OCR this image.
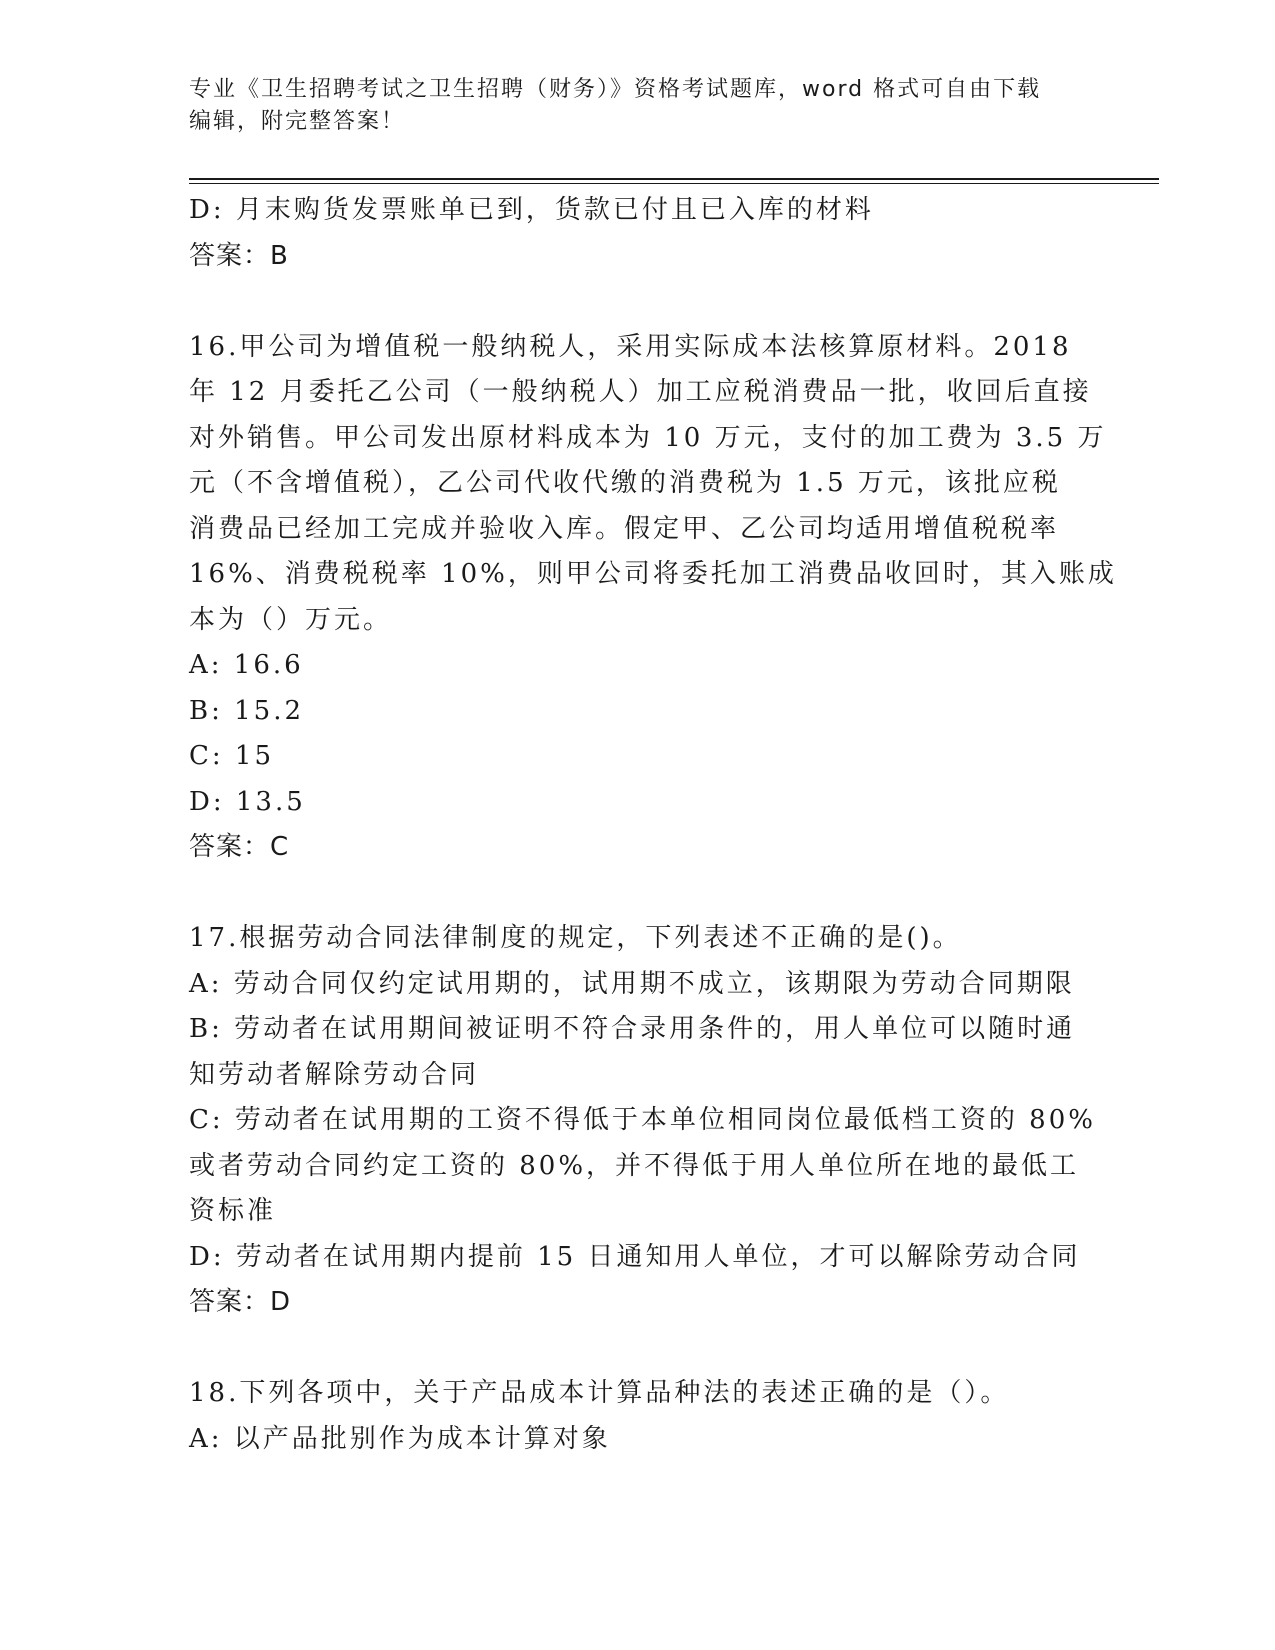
专业《卫生招聘考试之卫生招聘（财务）》资格考试题库，word 格式可自由下载
编辑，附完整答案！
D: 月末购货发票账单已到，货款已付且已入库的材料
答案：B
16.甲公司为增值税一般纳税人，采用实际成本法核算原材料。2018
年 12 月委托乙公司（一般纳税人）加工应税消费品一批，收回后直接
对外销售。甲公司发出原材料成本为 10 万元，支付的加工费为 3.5 万
元（不含增值税），乙公司代收代缴的消费税为 1.5 万元，该批应税
消费品已经加工完成并验收入库。假定甲、乙公司均适用增值税税率
16%、消费税税率 10%，则甲公司将委托加工消费品收回时，其入账成
本为（）万元。
A: 16.6
B: 15.2
C: 15
D: 13.5
答案：C
17.根据劳动合同法律制度的规定，下列表述不正确的是()。
A: 劳动合同仅约定试用期的，试用期不成立，该期限为劳动合同期限
B: 劳动者在试用期间被证明不符合录用条件的，用人单位可以随时通
知劳动者解除劳动合同
C: 劳动者在试用期的工资不得低于本单位相同岗位最低档工资的 80%
或者劳动合同约定工资的 80%，并不得低于用人单位所在地的最低工
资标准
D: 劳动者在试用期内提前 15 日通知用人单位，才可以解除劳动合同
答案：D
18.下列各项中，关于产品成本计算品种法的表述正确的是（）。
A: 以产品批别作为成本计算对象
